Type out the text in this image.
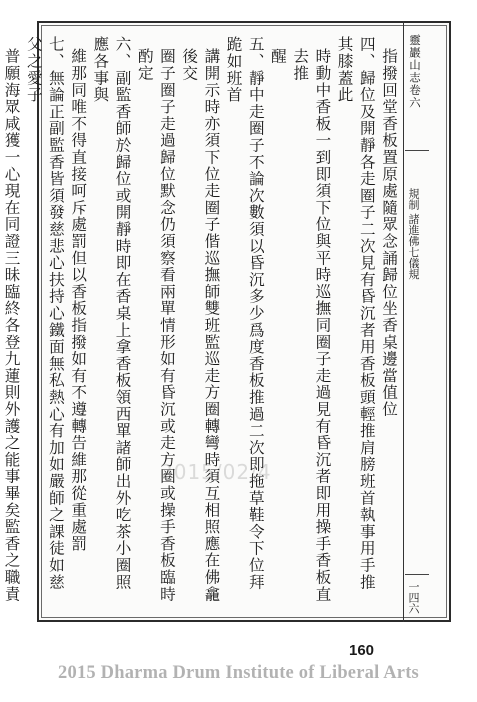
靈巖山志卷六
規制 諸進佛七儀規
一四六
指撥回堂香板置原處隨眾念誦歸位坐香桌邊當值位
四、歸位及開靜各走圈子二次見有昏沉者用香板頭輕推肩膀班首執事用手推其膝蓋此
時動中香板一到即須下位與平時巡撫同圈子走過見有昏沉者即用操手香板直去推
醒
五、靜中走圈子不論次數須以昏沉多少爲度香板推過二次即拖草鞋令下位拜跪如班首
講開示時亦須下位走圈子偕巡撫師雙班監巡走方圈轉彎時須互相照應在佛龕後交
圈子圈子走過歸位默念仍須察看兩單情形如有昏沉或走方圈或操手香板臨時酌定
六、副監香師於歸位或開靜時即在香桌上拿香板領西單諸師出外吃茶小圈照應各事與
維那同唯不得直接呵斥處罰但以香板指撥如有不遵轉告維那從重處罰
七、無論正副監香皆須發慈悲心扶持心鐵面無私熱心有加如嚴師之課徒如慈父之愛子
普願海眾咸獲一心現在同證三昧臨終各登九蓮則外護之能事畢矣監香之職責
2015/02/4
160
2015 Dharma Drum Institute of Liberal Arts
